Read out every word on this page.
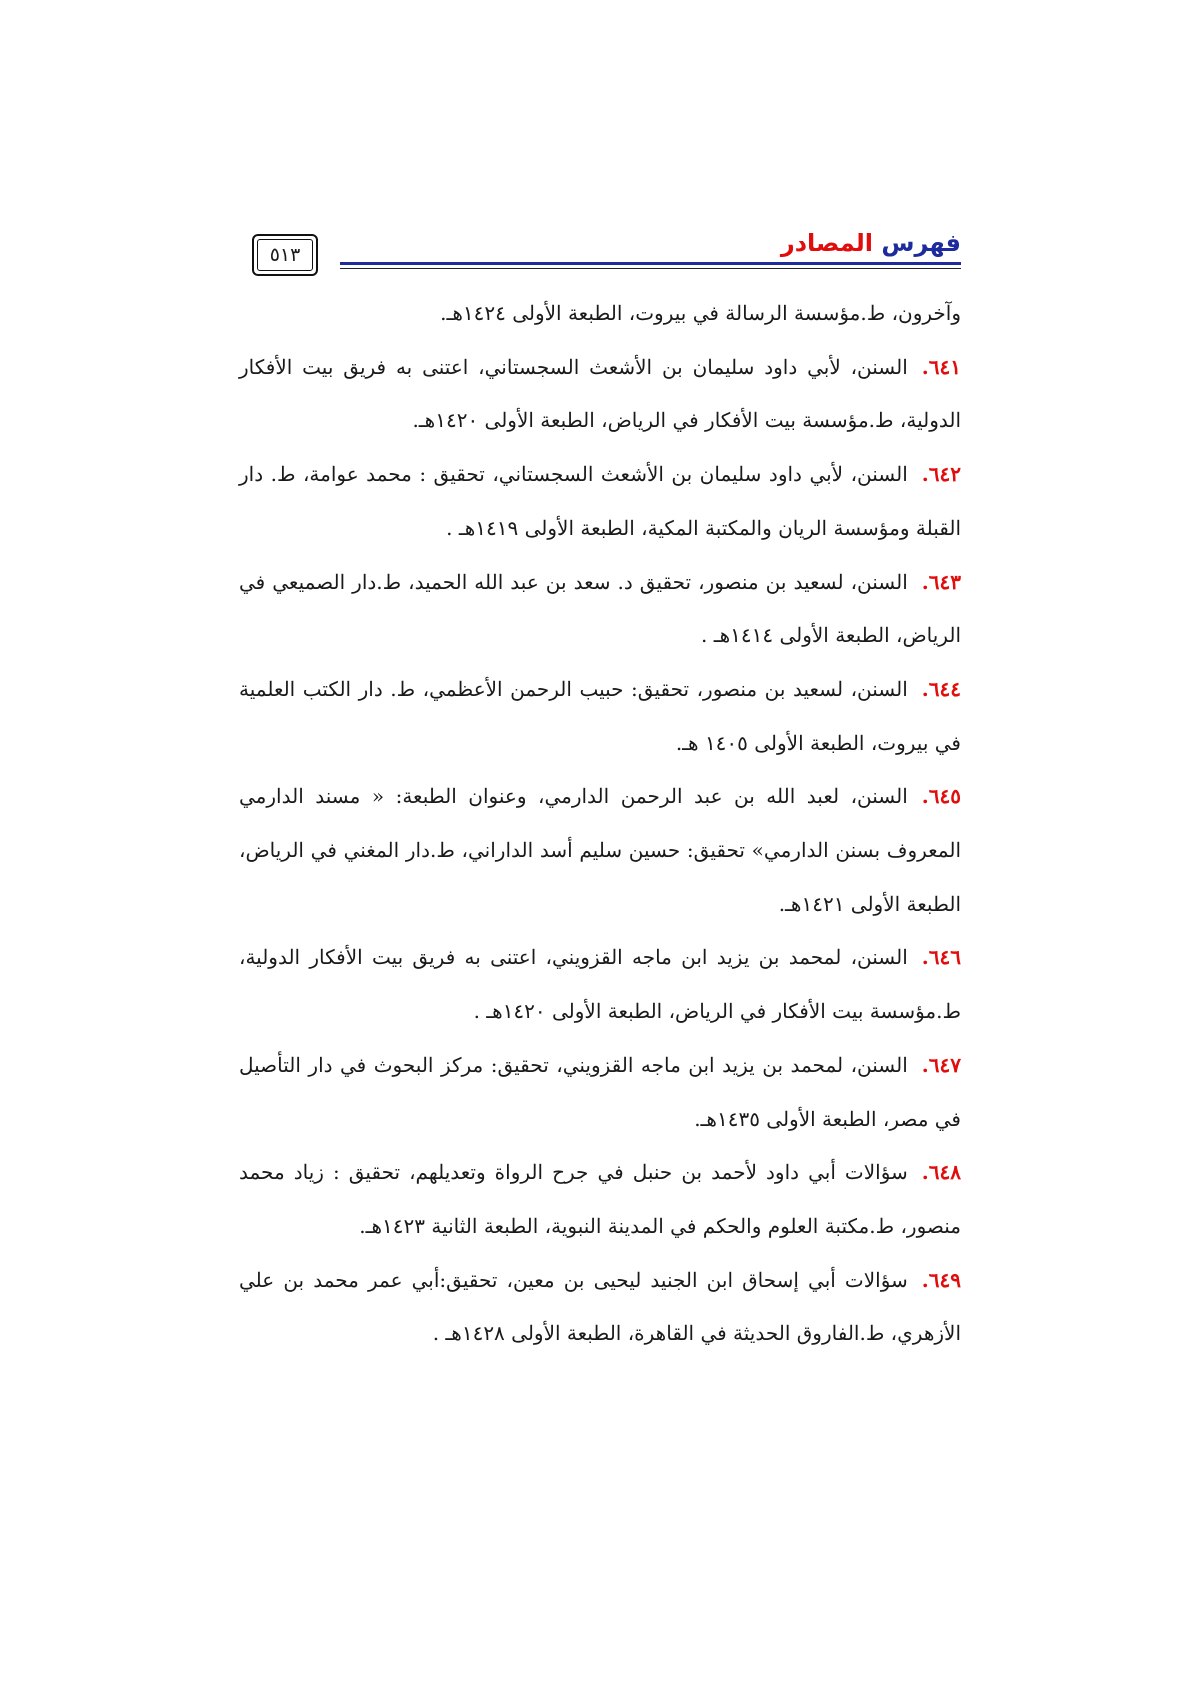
فهرس المصادر
٥١٣

وآخرون، ط.مؤسسة الرسالة في بيروت، الطبعة الأولى ١٤٢٤هـ.

٦٤١.السنن، لأبي داود سليمان بن الأشعث السجستاني، اعتنى به فريق بيت الأفكار الدولية، ط.مؤسسة بيت الأفكار في الرياض، الطبعة الأولى ١٤٢٠هـ.

٦٤٢.السنن، لأبي داود سليمان بن الأشعث السجستاني، تحقيق : محمد عوامة، ط. دار القبلة ومؤسسة الريان والمكتبة المكية، الطبعة الأولى ١٤١٩هـ .

٦٤٣.السنن، لسعيد بن منصور، تحقيق د. سعد بن عبد الله الحميد، ط.دار الصميعي في الرياض، الطبعة الأولى ١٤١٤هـ .

٦٤٤.السنن، لسعيد بن منصور، تحقيق: حبيب الرحمن الأعظمي، ط. دار الكتب العلمية في بيروت، الطبعة الأولى ١٤٠٥ هـ.

٦٤٥.السنن، لعبد الله بن عبد الرحمن الدارمي، وعنوان الطبعة: « مسند الدارمي المعروف بسنن الدارمي» تحقيق: حسين سليم أسد الداراني، ط.دار المغني في الرياض، الطبعة الأولى ١٤٢١هـ.

٦٤٦.السنن، لمحمد بن يزيد ابن ماجه القزويني، اعتنى به فريق بيت الأفكار الدولية، ط.مؤسسة بيت الأفكار في الرياض، الطبعة الأولى ١٤٢٠هـ .

٦٤٧.السنن، لمحمد بن يزيد ابن ماجه القزويني، تحقيق: مركز البحوث في دار التأصيل في مصر، الطبعة الأولى ١٤٣٥هـ.

٦٤٨.سؤالات أبي داود لأحمد بن حنبل في جرح الرواة وتعديلهم، تحقيق : زياد محمد منصور، ط.مكتبة العلوم والحكم في المدينة النبوية، الطبعة الثانية ١٤٢٣هـ.

٦٤٩.سؤالات أبي إسحاق ابن الجنيد ليحيى بن معين، تحقيق:أبي عمر محمد بن علي الأزهري، ط.الفاروق الحديثة في القاهرة، الطبعة الأولى ١٤٢٨هـ .
